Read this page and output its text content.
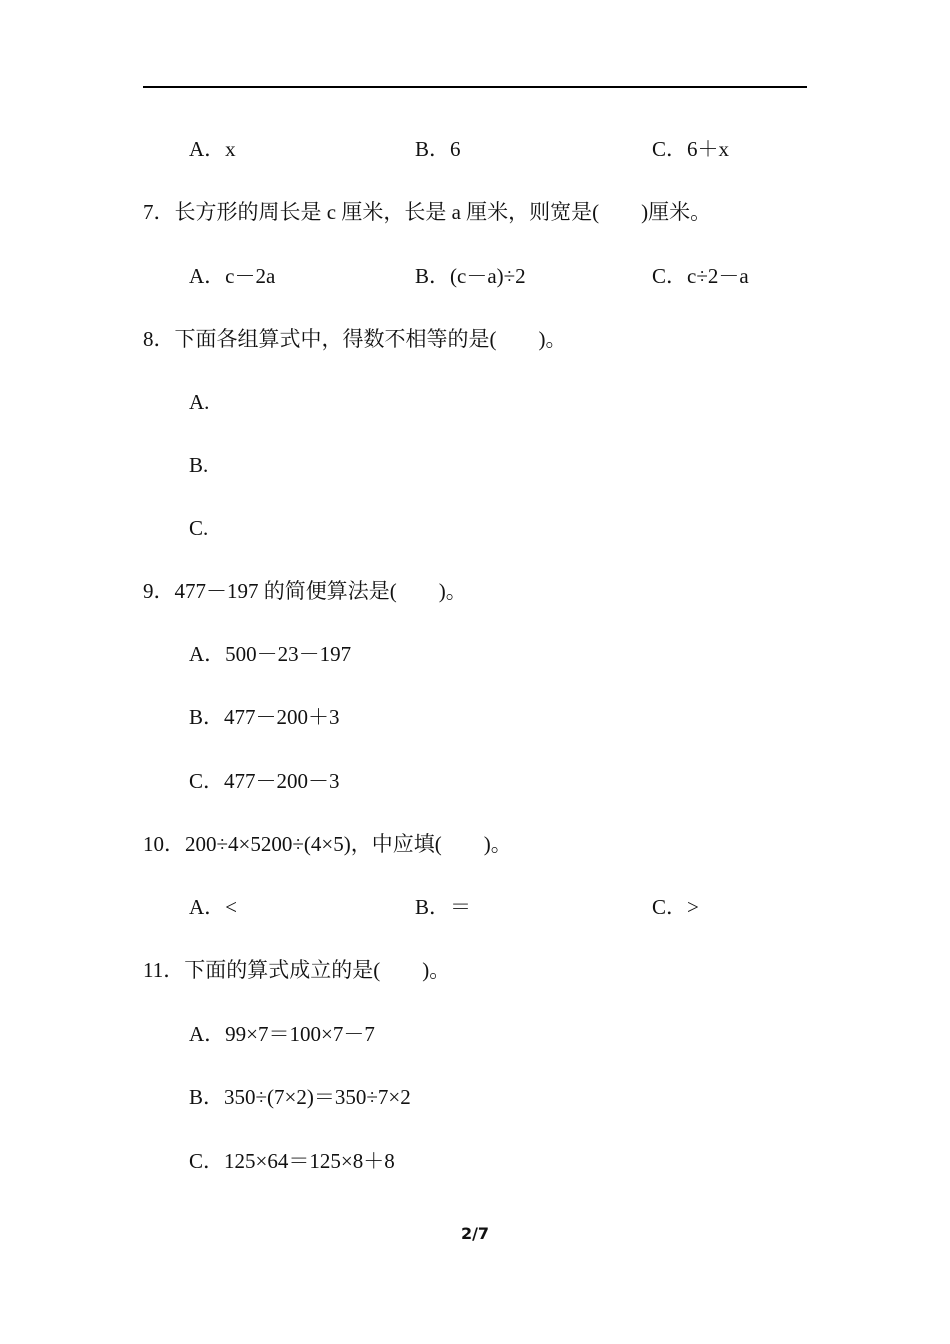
A．x	B．6	C．6＋x
7．长方形的周长是 c 厘米，长是 a 厘米，则宽是(　　)厘米。
A．c－2a	B．(c－a)÷2	C．c÷2－a
8．下面各组算式中，得数不相等的是(　　)。
A.
B.
C.
9．477－197 的简便算法是(　　)。
A．500－23－197
B．477－200＋3
C．477－200－3
10．200÷4×5200÷(4×5)，中应填(　　)。
A．<	B．＝	C．>
11．下面的算式成立的是(　　)。
A．99×7＝100×7－7
B．350÷(7×2)＝350÷7×2
C．125×64＝125×8＋8
2/7
